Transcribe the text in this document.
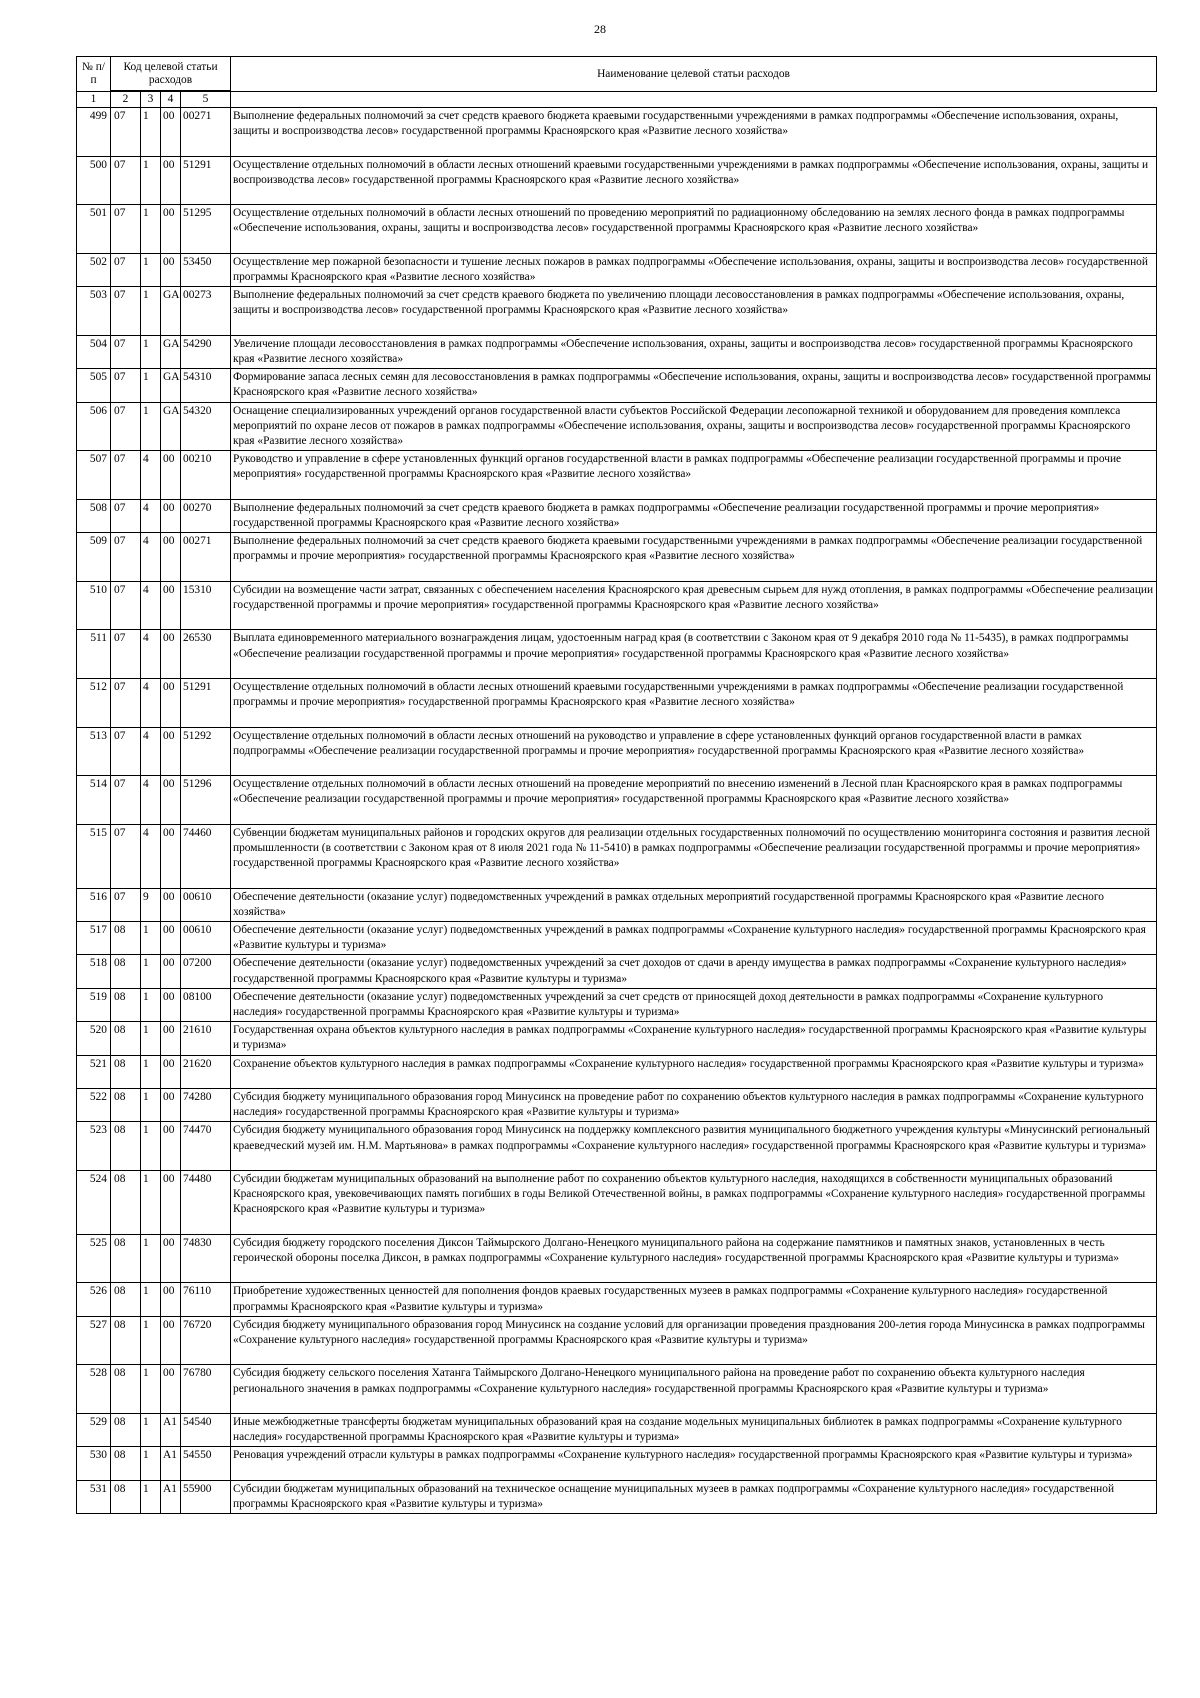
28
№ п/п	Код целевой статьи расходов				Наименование целевой статьи расходов

1	2	3	4	5	
499	07	1	00	00271	Выполнение федеральных полномочий за счет средств краевого бюджета краевыми государственными учреждениями в рамках подпрограммы «Обеспечение использования, охраны, защиты и воспроизводства лесов» государственной программы Красноярского края «Развитие лесного хозяйства»
500	07	1	00	51291	Осуществление отдельных полномочий в области лесных отношений краевыми государственными учреждениями в рамках подпрограммы «Обеспечение использования, охраны, защиты и воспроизводства лесов» государственной программы Красноярского края «Развитие лесного хозяйства»
501	07	1	00	51295	Осуществление отдельных полномочий в области лесных отношений по проведению мероприятий по радиационному обследованию на землях лесного фонда в рамках подпрограммы «Обеспечение использования, охраны, защиты и воспроизводства лесов» государственной программы Красноярского края «Развитие лесного хозяйства»
502	07	1	00	53450	Осуществление мер пожарной безопасности и тушение лесных пожаров в рамках подпрограммы «Обеспечение использования, охраны, защиты и воспроизводства лесов» государственной программы Красноярского края «Развитие лесного хозяйства»
503	07	1	GA	00273	Выполнение федеральных полномочий за счет средств краевого бюджета по увеличению площади лесовосстановления в рамках подпрограммы «Обеспечение использования, охраны, защиты и воспроизводства лесов» государственной программы Красноярского края «Развитие лесного хозяйства»
504	07	1	GA	54290	Увеличение площади лесовосстановления в рамках подпрограммы «Обеспечение использования, охраны, защиты и воспроизводства лесов» государственной программы Красноярского края «Развитие лесного хозяйства»
505	07	1	GA	54310	Формирование запаса лесных семян для лесовосстановления в рамках подпрограммы «Обеспечение использования, охраны, защиты и воспроизводства лесов» государственной программы Красноярского края «Развитие лесного хозяйства»
506	07	1	GA	54320	Оснащение специализированных учреждений органов государственной власти субъектов Российской Федерации лесопожарной техникой и оборудованием для проведения комплекса мероприятий по охране лесов от пожаров в рамках подпрограммы «Обеспечение использования, охраны, защиты и воспроизводства лесов» государственной программы Красноярского края «Развитие лесного хозяйства»
507	07	4	00	00210	Руководство и управление в сфере установленных функций органов государственной власти в рамках подпрограммы «Обеспечение реализации государственной программы и прочие мероприятия» государственной программы Красноярского края «Развитие лесного хозяйства»
508	07	4	00	00270	Выполнение федеральных полномочий за счет средств краевого бюджета в рамках подпрограммы «Обеспечение реализации государственной программы и прочие мероприятия» государственной программы Красноярского края «Развитие лесного хозяйства»
509	07	4	00	00271	Выполнение федеральных полномочий за счет средств краевого бюджета краевыми государственными учреждениями в рамках подпрограммы «Обеспечение реализации государственной программы и прочие мероприятия» государственной программы Красноярского края «Развитие лесного хозяйства»
510	07	4	00	15310	Субсидии на возмещение части затрат, связанных с обеспечением населения Красноярского края древесным сырьем для нужд отопления, в рамках подпрограммы «Обеспечение реализации государственной программы и прочие мероприятия» государственной программы Красноярского края «Развитие лесного хозяйства»
511	07	4	00	26530	Выплата единовременного материального вознаграждения лицам, удостоенным наград края (в соответствии с Законом края от 9 декабря 2010 года № 11-5435), в рамках подпрограммы «Обеспечение реализации государственной программы и прочие мероприятия» государственной программы Красноярского края «Развитие лесного хозяйства»
512	07	4	00	51291	Осуществление отдельных полномочий в области лесных отношений краевыми государственными учреждениями в рамках подпрограммы «Обеспечение реализации государственной программы и прочие мероприятия» государственной программы Красноярского края «Развитие лесного хозяйства»
513	07	4	00	51292	Осуществление отдельных полномочий в области лесных отношений на руководство и управление в сфере установленных функций органов государственной власти в рамках подпрограммы «Обеспечение реализации государственной программы и прочие мероприятия» государственной программы Красноярского края «Развитие лесного хозяйства»
514	07	4	00	51296	Осуществление отдельных полномочий в области лесных отношений на проведение мероприятий по внесению изменений в Лесной план Красноярского края в рамках подпрограммы «Обеспечение реализации государственной программы и прочие мероприятия» государственной программы Красноярского края «Развитие лесного хозяйства»
515	07	4	00	74460	Субвенции бюджетам муниципальных районов и городских округов для реализации отдельных государственных полномочий по осуществлению мониторинга состояния и развития лесной промышленности (в соответствии с Законом края от 8 июля 2021 года № 11-5410) в рамках подпрограммы «Обеспечение реализации государственной программы и прочие мероприятия» государственной программы Красноярского края «Развитие лесного хозяйства»
516	07	9	00	00610	Обеспечение деятельности (оказание услуг) подведомственных учреждений в рамках отдельных мероприятий государственной программы Красноярского края «Развитие лесного хозяйства»
517	08	1	00	00610	Обеспечение деятельности (оказание услуг) подведомственных учреждений в рамках подпрограммы «Сохранение культурного наследия» государственной программы Красноярского края «Развитие культуры и туризма»
518	08	1	00	07200	Обеспечение деятельности (оказание услуг) подведомственных учреждений за счет доходов от сдачи в аренду имущества в рамках подпрограммы «Сохранение культурного наследия» государственной программы Красноярского края «Развитие культуры и туризма»
519	08	1	00	08100	Обеспечение деятельности (оказание услуг) подведомственных учреждений за счет средств от приносящей доход деятельности в рамках подпрограммы «Сохранение культурного наследия» государственной программы Красноярского края «Развитие культуры и туризма»
520	08	1	00	21610	Государственная охрана объектов культурного наследия в рамках подпрограммы «Сохранение культурного наследия» государственной программы Красноярского края «Развитие культуры и туризма»
521	08	1	00	21620	Сохранение объектов культурного наследия в рамках подпрограммы «Сохранение культурного наследия» государственной программы Красноярского края «Развитие культуры и туризма»
522	08	1	00	74280	Субсидия бюджету муниципального образования город Минусинск на проведение работ по сохранению объектов культурного наследия в рамках подпрограммы «Сохранение культурного наследия» государственной программы Красноярского края «Развитие культуры и туризма»
523	08	1	00	74470	Субсидия бюджету муниципального образования город Минусинск на поддержку комплексного развития муниципального бюджетного учреждения культуры «Минусинский региональный краеведческий музей им. Н.М. Мартьянова» в рамках подпрограммы «Сохранение культурного наследия» государственной программы Красноярского края «Развитие культуры и туризма»
524	08	1	00	74480	Субсидии бюджетам муниципальных образований на выполнение работ по сохранению объектов культурного наследия, находящихся в собственности муниципальных образований Красноярского края, увековечивающих память погибших в годы Великой Отечественной войны, в рамках подпрограммы «Сохранение культурного наследия» государственной программы Красноярского края «Развитие культуры и туризма»
525	08	1	00	74830	Субсидия бюджету городского поселения Диксон Таймырского Долгано-Ненецкого муниципального района на содержание памятников и памятных знаков, установленных в честь героической обороны поселка Диксон, в рамках подпрограммы «Сохранение культурного наследия» государственной программы Красноярского края «Развитие культуры и туризма»
526	08	1	00	76110	Приобретение художественных ценностей для пополнения фондов краевых государственных музеев в рамках подпрограммы «Сохранение культурного наследия» государственной программы Красноярского края «Развитие культуры и туризма»
527	08	1	00	76720	Субсидия бюджету муниципального образования город Минусинск на создание условий для организации проведения празднования 200-летия города Минусинска в рамках подпрограммы «Сохранение культурного наследия» государственной программы Красноярского края «Развитие культуры и туризма»
528	08	1	00	76780	Субсидия бюджету сельского поселения Хатанга Таймырского Долгано-Ненецкого муниципального района на проведение работ по сохранению объекта культурного наследия регионального значения в рамках подпрограммы «Сохранение культурного наследия» государственной программы Красноярского края «Развитие культуры и туризма»
529	08	1	A1	54540	Иные межбюджетные трансферты бюджетам муниципальных образований края на создание модельных муниципальных библиотек в рамках подпрограммы «Сохранение культурного наследия» государственной программы Красноярского края «Развитие культуры и туризма»
530	08	1	A1	54550	Реновация учреждений отрасли культуры в рамках подпрограммы «Сохранение культурного наследия» государственной программы Красноярского края «Развитие культуры и туризма»
531	08	1	A1	55900	Субсидии бюджетам муниципальных образований на техническое оснащение муниципальных музеев в рамках подпрограммы «Сохранение культурного наследия» государственной программы Красноярского края «Развитие культуры и туризма»
